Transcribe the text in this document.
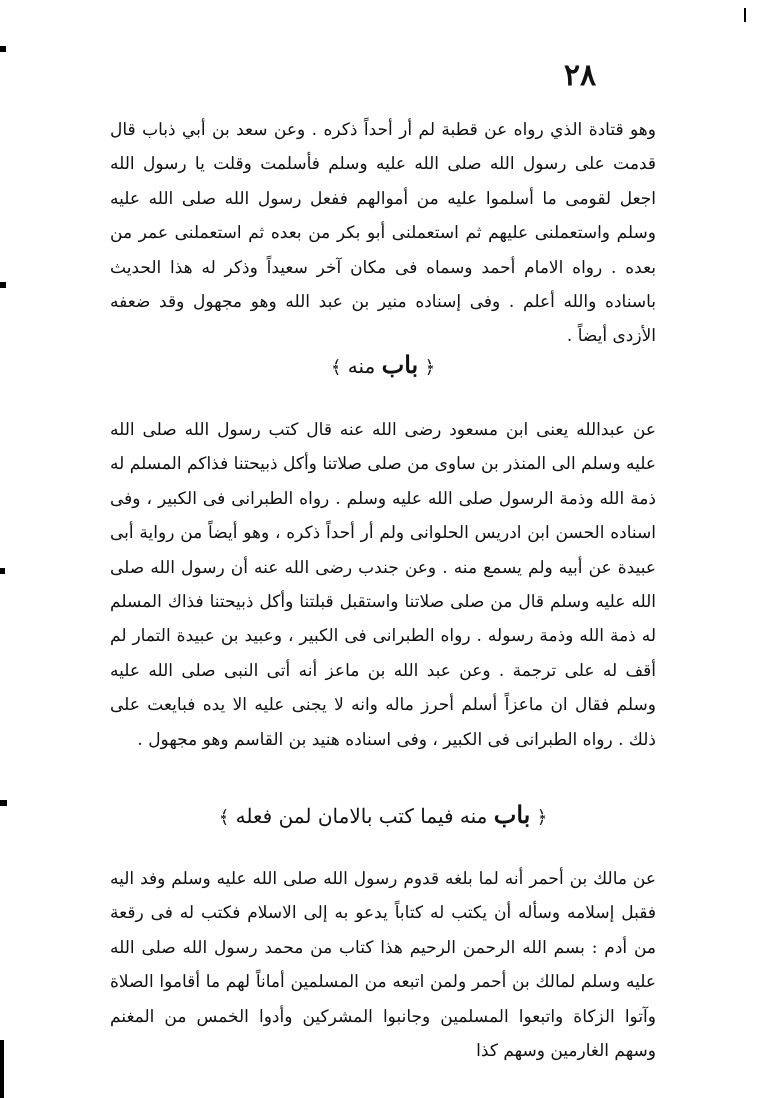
٢٨
وهو قتادة الذي رواه عن قطبة لم أر أحداً ذكره . وعن سعد بن أبي ذباب قال قدمت على رسول الله صلى الله عليه وسلم فأسلمت وقلت يا رسول الله اجعل لقومى ما أسلموا عليه من أموالهم ففعل رسول الله صلى الله عليه وسلم واستعملنى عليهم ثم استعملنى أبو بكر من بعده ثم استعملنى عمر من بعده . رواه الامام أحمد وسماه فى مكان آخر سعيداً وذكر له هذا الحديث باسناده والله أعلم . وفى إسناده منير بن عبد الله وهو مجهول وقد ضعفه الأزدى أيضاً .
﴿ باب منه ﴾
عن عبدالله يعنى ابن مسعود رضى الله عنه قال كتب رسول الله صلى الله عليه وسلم الى المنذر بن ساوى من صلى صلاتنا وأكل ذبيحتنا فذاكم المسلم له ذمة الله وذمة الرسول صلى الله عليه وسلم . رواه الطبرانى فى الكبير ، وفى اسناده الحسن ابن ادريس الحلوانى ولم أر أحداً ذكره ، وهو أيضاً من رواية أبى عبيدة عن أبيه ولم يسمع منه . وعن جندب رضى الله عنه أن رسول الله صلى الله عليه وسلم قال من صلى صلاتنا واستقبل قبلتنا وأكل ذبيحتنا فذاك المسلم له ذمة الله وذمة رسوله . رواه الطبرانى فى الكبير ، وعبيد بن عبيدة التمار لم أقف له على ترجمة . وعن عبد الله بن ماعز أنه أتى النبى صلى الله عليه وسلم فقال ان ماعزاً أسلم أحرز ماله وانه لا يجنى عليه الا يده فبايعت على ذلك . رواه الطبرانى فى الكبير ، وفى اسناده هنيد بن القاسم وهو مجهول .
﴿ باب منه فيما كتب بالامان لمن فعله ﴾
عن مالك بن أحمر أنه لما بلغه قدوم رسول الله صلى الله عليه وسلم وفد اليه فقبل إسلامه وسأله أن يكتب له كتاباً يدعو به إلى الاسلام فكتب له فى رقعة من أدم : بسم الله الرحمن الرحيم هذا كتاب من محمد رسول الله صلى الله عليه وسلم لمالك بن أحمر ولمن اتبعه من المسلمين أماناً لهم ما أقاموا الصلاة وآتوا الزكاة واتبعوا المسلمين وجانبوا المشركين وأدوا الخمس من المغنم وسهم الغارمين وسهم كذا
